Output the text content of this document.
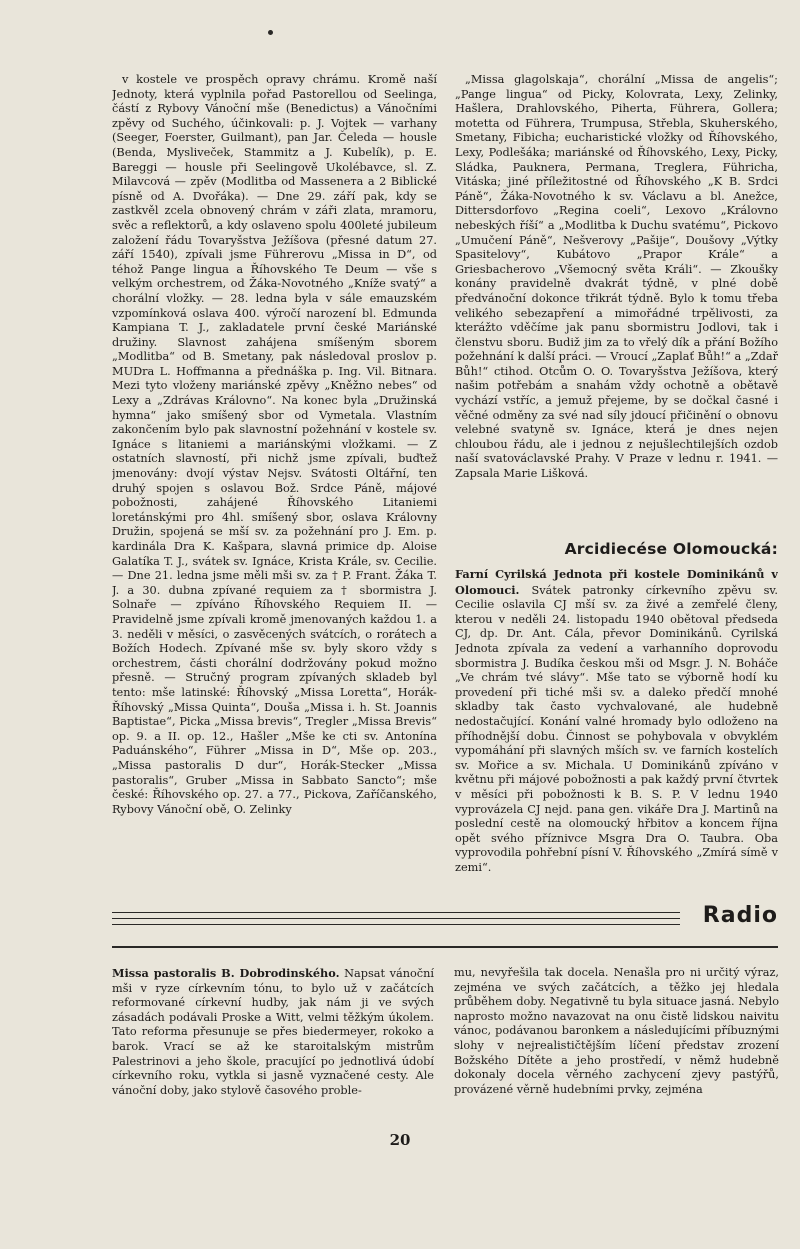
v kostele ve prospěch opravy chrámu. Kromě naší Jednoty, která vyplnila pořad Pastorellou od Seelinga, částí z Rybovy Vánoční mše (Benedictus) a Vánočními zpěvy od Suchého, účinkovali: p. J. Vojtek — varhany (Seeger, Foerster, Guilmant), pan Jar. Čeleda — housle (Benda, Mysliveček, Stammitz a J. Kubelík), p. E. Bareggi — housle při Seelingově Ukolébavce, sl. Z. Milavcová — zpěv (Modlitba od Massenета a 2 Biblické písně od A. Dvořáka). — Dne 29. září pak, kdy se zastkvěl zcela obnovený chrám v záři zlata, mramoru, svěc a reflektorů, a kdy oslaveno spolu 400leté jubileum založení řádu Tovaryšstva Ježíšova (přesné datum 27. září 1540), zpívali jsme Führerovu „Missa in D“, od téhož Pange lingua a Říhovského Te Deum — vše s velkým orchestrem, od Žáka-Novotného „Kníže svatý“ a chorální vložky. — 28. ledna byla v sále emauzském vzpomínková oslava 400. výročí narození bl. Edmunda Kampiana T. J., zakladatele první české Mariánské družiny. Slavnost zahájena smíšeným sborem „Modlitba“ od B. Smetany, pak následoval proslov p. MUDra L. Hoffmanna a přednáška p. Ing. Vil. Bitnara. Mezi tyto vloženy mariánské zpěvy „Kněžno nebes“ od Lexy a „Zdrávas Královno“. Na konec byla „Družinská hymna“ jako smíšený sbor od Vymetala. Vlastním zakončením bylo pak slavnostní požehnání v kostele sv. Ignáce s litaniemi a mariánskými vložkami. — Z ostatních slavností, při nichž jsme zpívali, buďtež jmenovány: dvojí výstav Nejsv. Svátosti Oltářní, ten druhý spojen s oslavou Bož. Srdce Páně, májové pobožnosti, zahájené Říhovského Litaniemi loretánskými pro 4hl. smíšený sbor, oslava Královny Družin, spojená se mší sv. za požehnání pro J. Em. p. kardinála Dra K. Kašpara, slavná primice dp. Aloise Galatíka T. J., svátek sv. Ignáce, Krista Krále, sv. Cecilie. — Dne 21. ledna jsme měli mši sv. za † P. Frant. Žáka T. J. a 30. dubna zpívané requiem za † sbormistra J. Solnaře — zpíváno Říhovského Requiem II. — Pravidelně jsme zpívali kromě jmenovaných každou 1. a 3. neděli v měsíci, o zasvěcených svátcích, o rorátech a Božích Hodech. Zpívané mše sv. byly skoro vždy s orchestrem, části chorální dodržovány pokud možno přesně. — Stručný program zpívaných skladeb byl tento: mše latinské: Říhovský „Missa Loretta“, Horák-Říhovský „Missa Quinta“, Douša „Missa i. h. St. Joannis Baptistae“, Picka „Missa brevis“, Tregler „Missa Brevis“ op. 9. a II. op. 12., Hašler „Mše ke cti sv. Antonína Paduánského“, Führer „Missa in D“, Mše op. 203., „Missa pastoralis D dur“, Horák-Stecker „Missa pastoralis“, Gruber „Missa in Sabbato Sancto“; mše české: Říhovského op. 27. a 77., Pickova, Zaříčanského, Rybovy Vánoční obě, O. Zelinky

„Missa glagolskaja“, chorální „Missa de angelis“; „Pange lingua“ od Picky, Kolovrata, Lexy, Zelinky, Hašlera, Drahlovského, Piherta, Führera, Gollera; motetta od Führera, Trumpusa, Střebla, Skuherského, Smetany, Fibicha; eucharistické vložky od Říhovského, Lexy, Podlešáka; mariánské od Říhovského, Lexy, Picky, Sládka, Pauknera, Permana, Treglera, Führicha, Vitáska; jiné příležitostné od Říhovského „K B. Srdci Páně“, Žáka-Novotného k sv. Václavu a bl. Anežce, Dittersdorfovo „Regina coeli“, Lexovo „Královno nebeských říší“ a „Modlitba k Duchu svatému“, Pickovo „Umučení Páně“, Nešverovy „Pašije“, Doušovy „Výtky Spasitelovy“, Kubátovo „Prapor Krále“ a Griesbacherovo „Všemocný světa Králi“. — Zkoušky konány pravidelně dvakrát týdně, v plné době předvánoční dokonce třikrát týdně. Bylo k tomu třeba velikého sebezapření a mimořádné trpělivosti, za kterážto vděčíme jak panu sbormistru Jodlovi, tak i členstvu sboru. Budiž jim za to vřelý dík a přání Božího požehnání k další práci. — Vroucí „Zaplať Bůh!“ a „Zdař Bůh!“ ctihod. Otcům O. O. Tovaryšstva Ježíšova, který našim potřebám a snahám vždy ochotně a obětavě vychází vstříc, a jemuž přejeme, by se dočkal časné i věčné odměny za své nad síly jdoucí přičinění o obnovu velebné svatyně sv. Ignáce, která je dnes nejen chloubou řádu, ale i jednou z nejušlechtilejších ozdob naší svatováclavské Prahy. V Praze v lednu r. 1941. — Zapsala Marie Lišková.

Arcidiecése Olomoucká:

Farní Cyrilská Jednota při kostele Dominikánů v Olomouci. Svátek patronky církevního zpěvu sv. Cecilie oslavila CJ mší sv. za živé a zemřelé členy, kterou v neděli 24. listopadu 1940 obětoval předseda CJ, dp. Dr. Ant. Cála, převor Dominikánů. Cyrilská Jednota zpívala za vedení a varhanního doprovodu sbormistra J. Budíka českou mši od Msgr. J. N. Boháče „Ve chrám tvé slávy“. Mše tato se výborně hodí ku provedení při tiché mši sv. a daleko předčí mnohé skladby tak často vychvalované, ale hudebně nedostačující. Konání valné hromady bylo odloženo na příhodnější dobu. Činnost se pohybovala v obvyklém vypomáhání při slavných mších sv. ve farních kostelích sv. Mořice a sv. Michala. U Dominikánů zpíváno v květnu při májové pobožnosti a pak každý první čtvrtek v měsíci při pobožnosti k B. S. P. V lednu 1940 vyprovázela CJ nejd. pana gen. vikáře Dra J. Martinů na poslední cestě na olomoucký hřbitov a koncem října opět svého příznivce Msgra Dra O. Taubra. Oba vyprovodila pohřební písní V. Říhovského „Zmírá símě v zemi“.

Radio

Missa pastoralis B. Dobrodinského. Napsat vánoční mši v ryze církevním tónu, to bylo už v začátcích reformované církevní hudby, jak nám ji ve svých zásadách podávali Proske a Witt, velmi těžkým úkolem. Tato reforma přesunuje se přes biedermeyer, rokoko a barok. Vrací se až ke staroitalským mistrům Palestrinovi a jeho škole, pracující po jednotlivá údobí církevního roku, vytkla si jasně vyznačené cesty. Ale vánoční doby, jako stylově časového proble-

mu, nevyřešila tak docela. Nenašla pro ni určitý výraz, zejména ve svých začátcích, a těžko jej hledala průběhem doby. Negativně tu byla situace jasná. Nebylo naprosto možno navazovat na onu čistě lidskou naivitu vánoc, podávanou baronkem a následujícími příbuznými slohy v nejrealističtějším líčení představ zrození Božského Dítěte a jeho prostředí, v němž hudebně dokonaly docela věrného zachycení zjevy pastýřů, provázené věrně hudebními prvky, zejména

20
